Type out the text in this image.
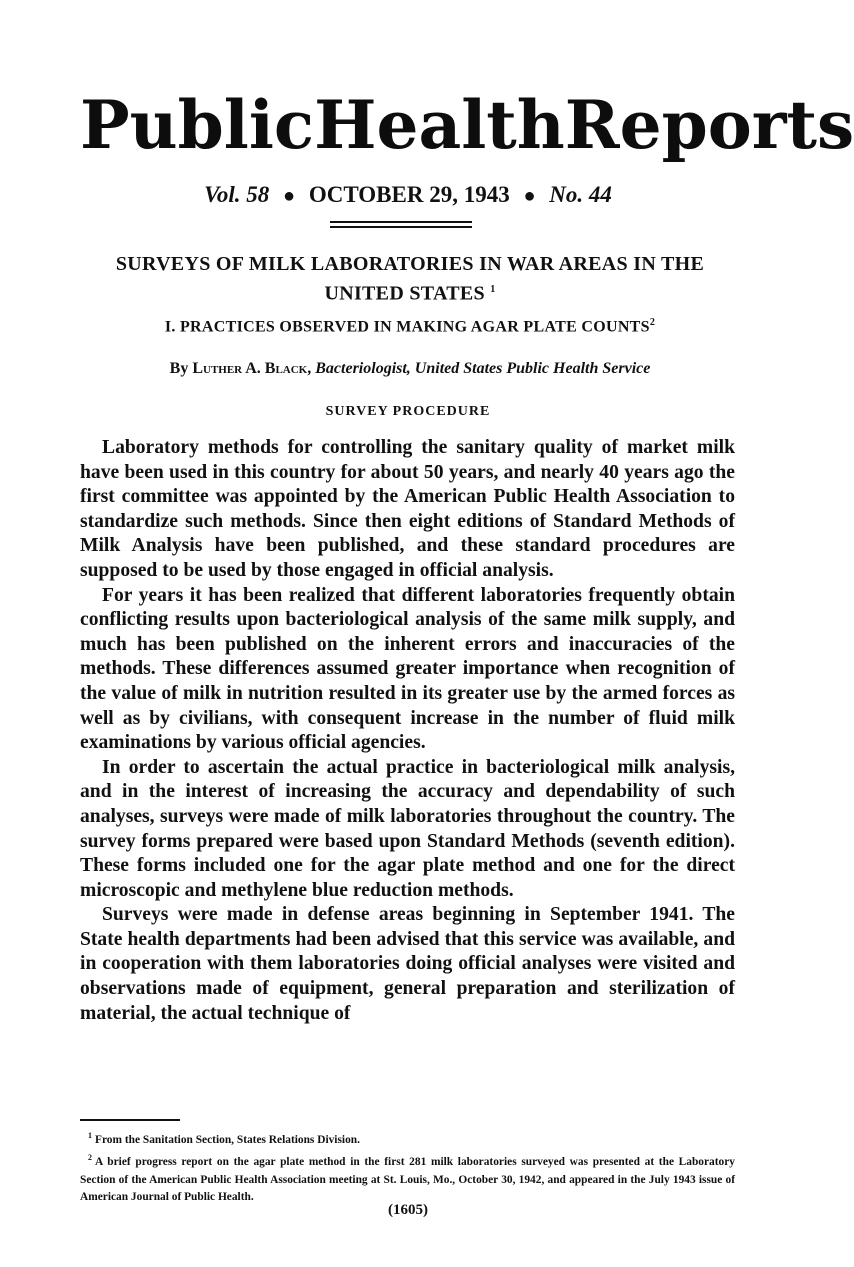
Public Health Reports
Vol. 58 ● OCTOBER 29, 1943 ● No. 44
SURVEYS OF MILK LABORATORIES IN WAR AREAS IN THE
UNITED STATES $^1$
I. PRACTICES OBSERVED IN MAKING AGAR PLATE COUNTS$^2$
By Luther A. Black, Bacteriologist, United States Public Health Service
SURVEY PROCEDURE

Laboratory methods for controlling the sanitary quality of market milk have been used in this country for about 50 years, and nearly 40 years ago the first committee was appointed by the American Public Health Association to standardize such methods. Since then eight editions of Standard Methods of Milk Analysis have been published, and these standard procedures are supposed to be used by those engaged in official analysis.

For years it has been realized that different laboratories frequently obtain conflicting results upon bacteriological analysis of the same milk supply, and much has been published on the inherent errors and inaccuracies of the methods. These differences assumed greater importance when recognition of the value of milk in nutrition resulted in its greater use by the armed forces as well as by civilians, with consequent increase in the number of fluid milk examinations by various official agencies.

In order to ascertain the actual practice in bacteriological milk analysis, and in the interest of increasing the accuracy and dependability of such analyses, surveys were made of milk laboratories throughout the country. The survey forms prepared were based upon Standard Methods (seventh edition). These forms included one for the agar plate method and one for the direct microscopic and methylene blue reduction methods.

Surveys were made in defense areas beginning in September 1941. The State health departments had been advised that this service was available, and in cooperation with them laboratories doing official analyses were visited and observations made of equipment, general preparation and sterilization of material, the actual technique of

$^1$ From the Sanitation Section, States Relations Division.

$^2$ A brief progress report on the agar plate method in the first 281 milk laboratories surveyed was presented at the Laboratory Section of the American Public Health Association meeting at St. Louis, Mo., October 30, 1942, and appeared in the July 1943 issue of American Journal of Public Health.

(1605)
